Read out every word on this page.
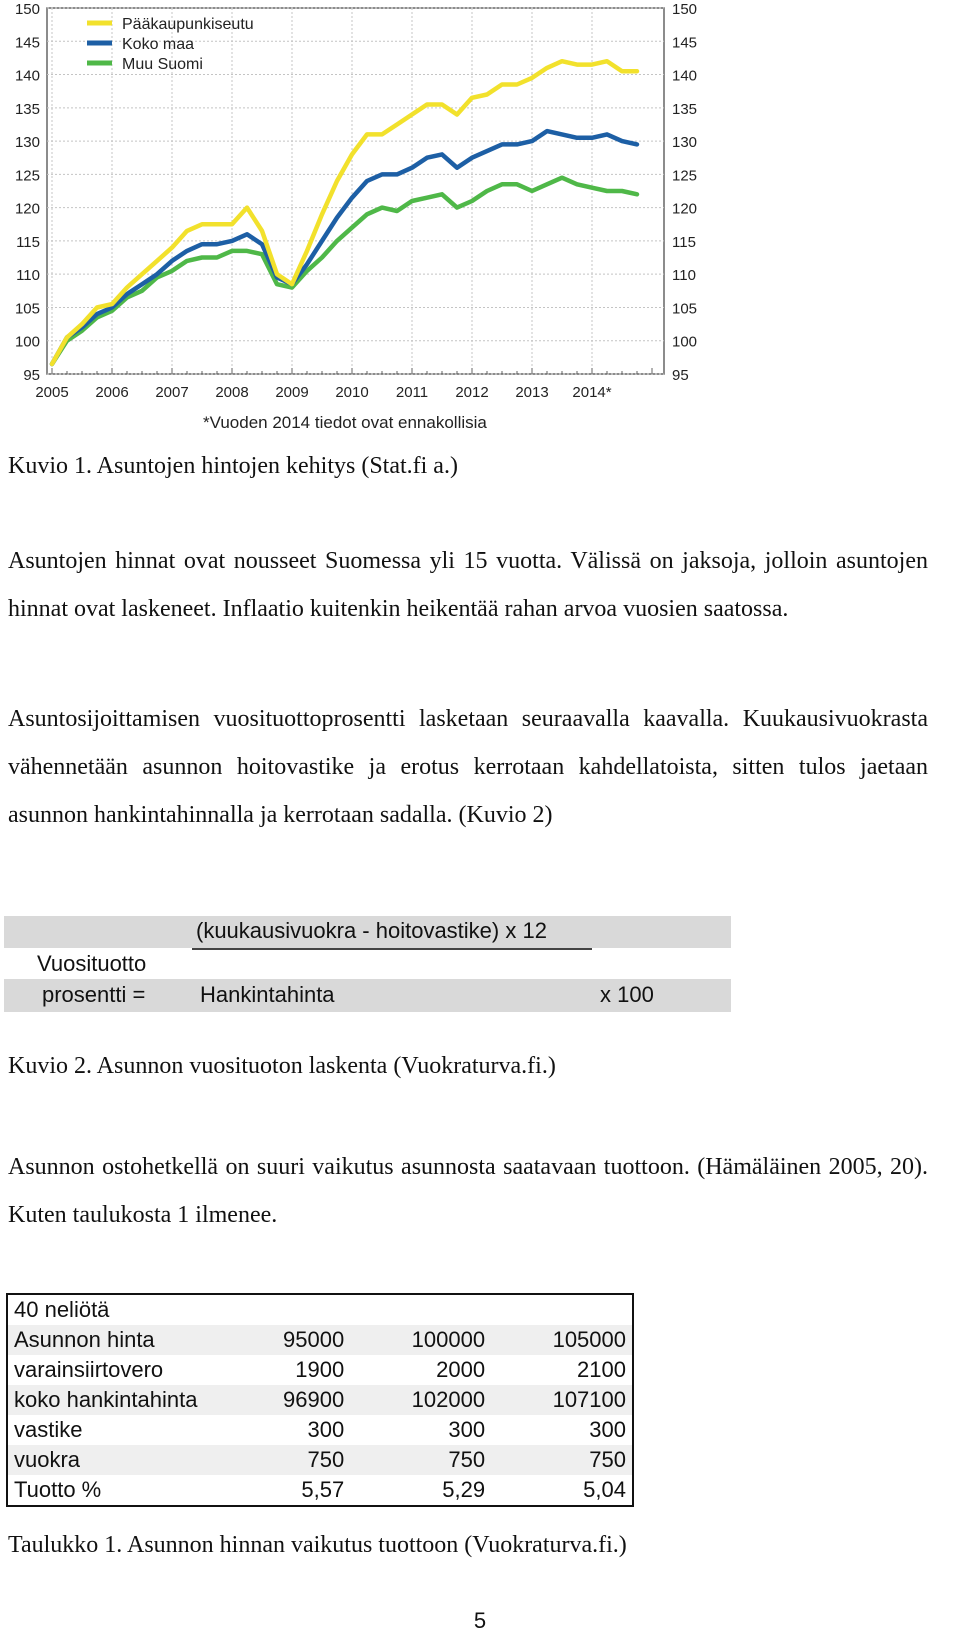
95	95
100	100
105	105
110	110
115	115
120	120
125	125
130	130
135	135
140	140
145	145
150	150
2005 2006 2007 2008 2009 2010 2011 2012 2013 2014*
Pääkaupunkiseutu
Koko maa
Muu Suomi
*Vuoden 2014 tiedot ovat ennakollisia

Kuvio 1. Asuntojen hintojen kehitys (Stat.fi a.)

Asuntojen hinnat ovat nousseet Suomessa yli 15 vuotta. Välissä on jaksoja, jolloin asuntojen hinnat ovat laskeneet. Inflaatio kuitenkin heikentää rahan arvoa vuosien saatossa.

Asuntosijoittamisen vuosituottoprosentti lasketaan seuraavalla kaavalla. Kuukausivuokrasta vähennetään asunnon hoitovastike ja erotus kerrotaan kahdellatoista, sitten tulos jaetaan asunnon hankintahinnalla ja kerrotaan sadalla. (Kuvio 2)

(kuukausivuokra - hoitovastike) x 12
Vuosituotto
prosentti = Hankintahinta	x 100

Kuvio 2. Asunnon vuosituoton laskenta (Vuokraturva.fi.)

Asunnon ostohetkellä on suuri vaikutus asunnosta saatavaan tuottoon. (Hämäläinen 2005, 20). Kuten taulukosta 1 ilmenee.

40 neliötä			
Asunnon hinta	95000	100000	105000
varainsiirtovero	1900	2000	2100
koko hankintahinta	96900	102000	107100
vastike	300	300	300
vuokra	750	750	750
Tuotto %	5,57	5,29	5,04

Taulukko 1. Asunnon hinnan vaikutus tuottoon (Vuokraturva.fi.)

5
